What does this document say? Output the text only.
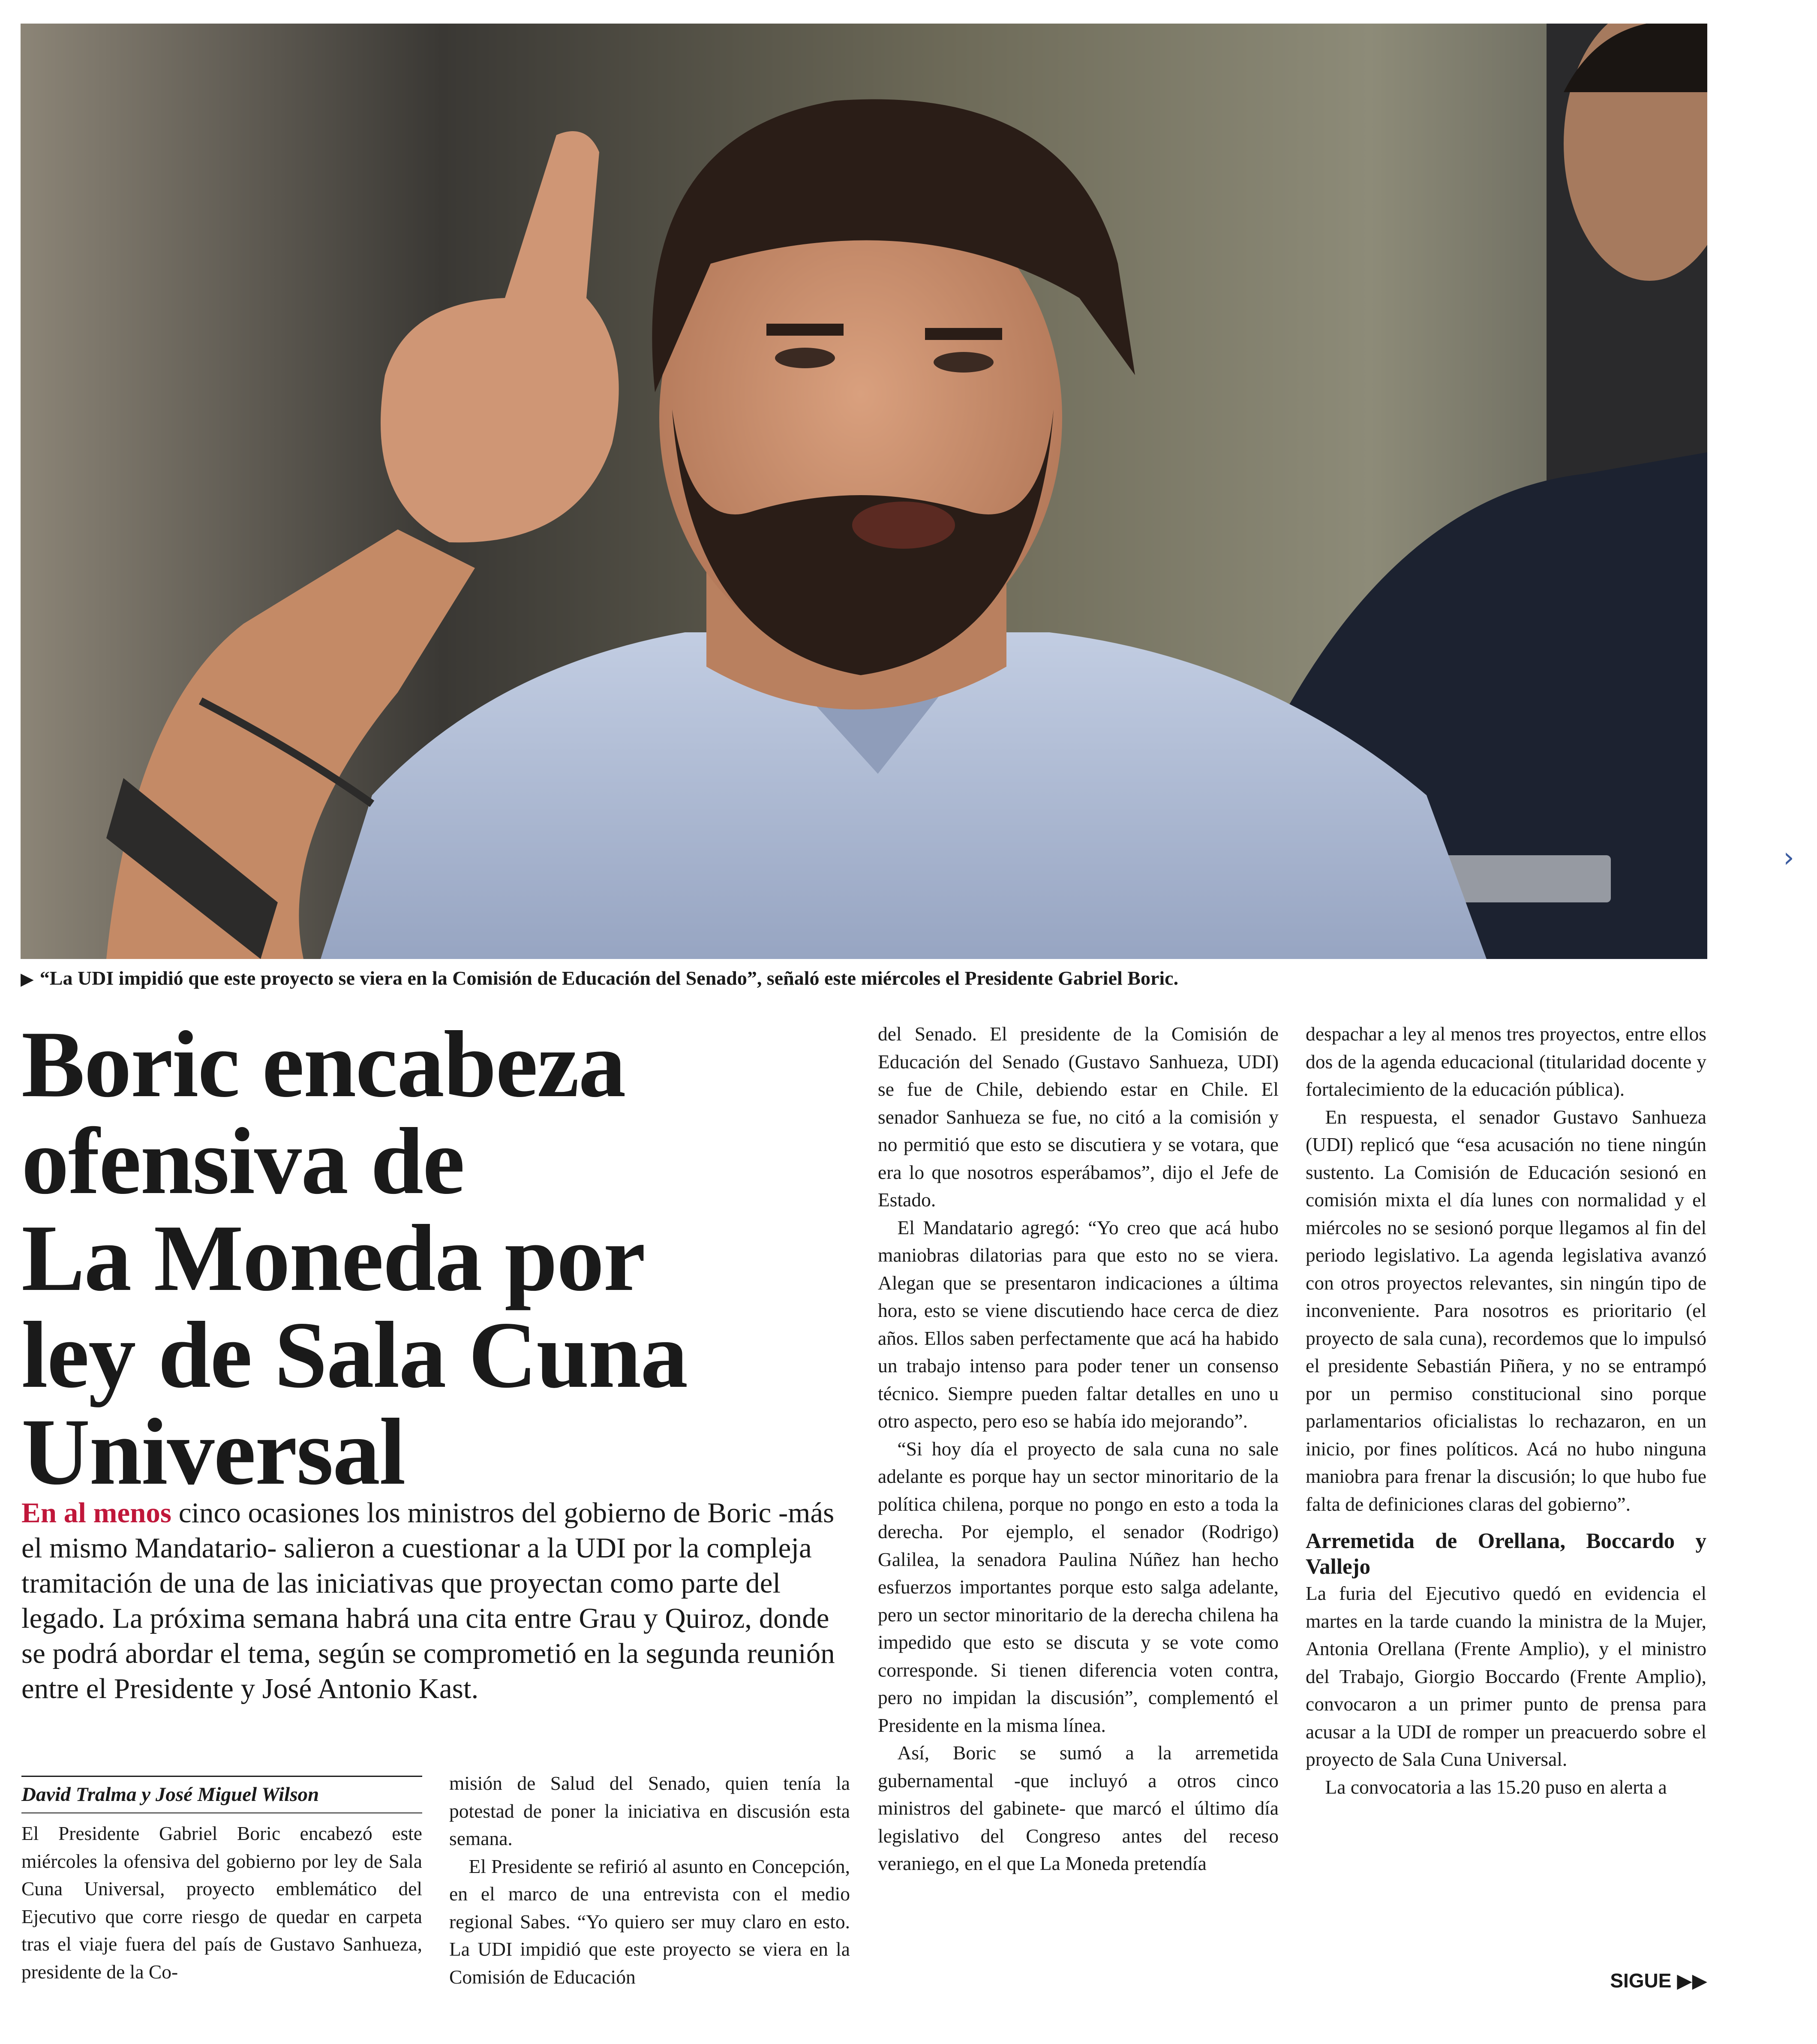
▶ “La UDI impidió que este proyecto se viera en la Comisión de Educación del Senado”, señaló este miércoles el Presidente Gabriel Boric.
Boric encabeza
ofensiva de
La Moneda por
ley de Sala Cuna
Universal
En al menos cinco ocasiones los ministros del gobierno de Boric -más el mismo Mandatario- salieron a cuestionar a la UDI por la compleja tramitación de una de las iniciativas que proyectan como parte del legado. La próxima semana habrá una cita entre Grau y Quiroz, donde se podrá abordar el tema, según se comprometió en la segunda reunión entre el Presidente y José Antonio Kast.
David Tralma y José Miguel Wilson

El Presidente Gabriel Boric encabezó este miércoles la ofensiva del gobierno por ley de Sala Cuna Universal, proyecto emblemático del Ejecutivo que corre riesgo de quedar en carpeta tras el viaje fuera del país de Gustavo Sanhueza, presidente de la Co-

misión de Salud del Senado, quien tenía la potestad de poner la iniciativa en discusión esta semana.

El Presidente se refirió al asunto en Concepción, en el marco de una entrevista con el medio regional Sabes. “Yo quiero ser muy claro en esto. La UDI impidió que este proyecto se viera en la Comisión de Educación

del Senado. El presidente de la Comisión de Educación del Senado (Gustavo Sanhueza, UDI) se fue de Chile, debiendo estar en Chile. El senador Sanhueza se fue, no citó a la comisión y no permitió que esto se discutiera y se votara, que era lo que nosotros esperábamos”, dijo el Jefe de Estado.

El Mandatario agregó: “Yo creo que acá hubo maniobras dilatorias para que esto no se viera. Alegan que se presentaron indicaciones a última hora, esto se viene discutiendo hace cerca de diez años. Ellos saben perfectamente que acá ha habido un trabajo intenso para poder tener un consenso técnico. Siempre pueden faltar detalles en uno u otro aspecto, pero eso se había ido mejorando”.

“Si hoy día el proyecto de sala cuna no sale adelante es porque hay un sector minoritario de la política chilena, porque no pongo en esto a toda la derecha. Por ejemplo, el senador (Rodrigo) Galilea, la senadora Paulina Núñez han hecho esfuerzos importantes porque esto salga adelante, pero un sector minoritario de la derecha chilena ha impedido que esto se discuta y se vote como corresponde. Si tienen diferencia voten contra, pero no impidan la discusión”, complementó el Presidente en la misma línea.

Así, Boric se sumó a la arremetida gubernamental -que incluyó a otros cinco ministros del gabinete- que marcó el último día legislativo del Congreso antes del receso veraniego, en el que La Moneda pretendía

despachar a ley al menos tres proyectos, entre ellos dos de la agenda educacional (titularidad docente y fortalecimiento de la educación pública).

En respuesta, el senador Gustavo Sanhueza (UDI) replicó que “esa acusación no tiene ningún sustento. La Comisión de Educación sesionó en comisión mixta el día lunes con normalidad y el miércoles no se sesionó porque llegamos al fin del periodo legislativo. La agenda legislativa avanzó con otros proyectos relevantes, sin ningún tipo de inconveniente. Para nosotros es prioritario (el proyecto de sala cuna), recordemos que lo impulsó el presidente Sebastián Piñera, y no se entrampó por un permiso constitucional sino porque parlamentarios oficialistas lo rechazaron, en un inicio, por fines políticos. Acá no hubo ninguna maniobra para frenar la discusión; lo que hubo fue falta de definiciones claras del gobierno”.

Arremetida de Orellana, Boccardo y Vallejo

La furia del Ejecutivo quedó en evidencia el martes en la tarde cuando la ministra de la Mujer, Antonia Orellana (Frente Amplio), y el ministro del Trabajo, Giorgio Boccardo (Frente Amplio), convocaron a un primer punto de prensa para acusar a la UDI de romper un preacuerdo sobre el proyecto de Sala Cuna Universal.

La convocatoria a las 15.20 puso en alerta a

SIGUE ▶▶
›
